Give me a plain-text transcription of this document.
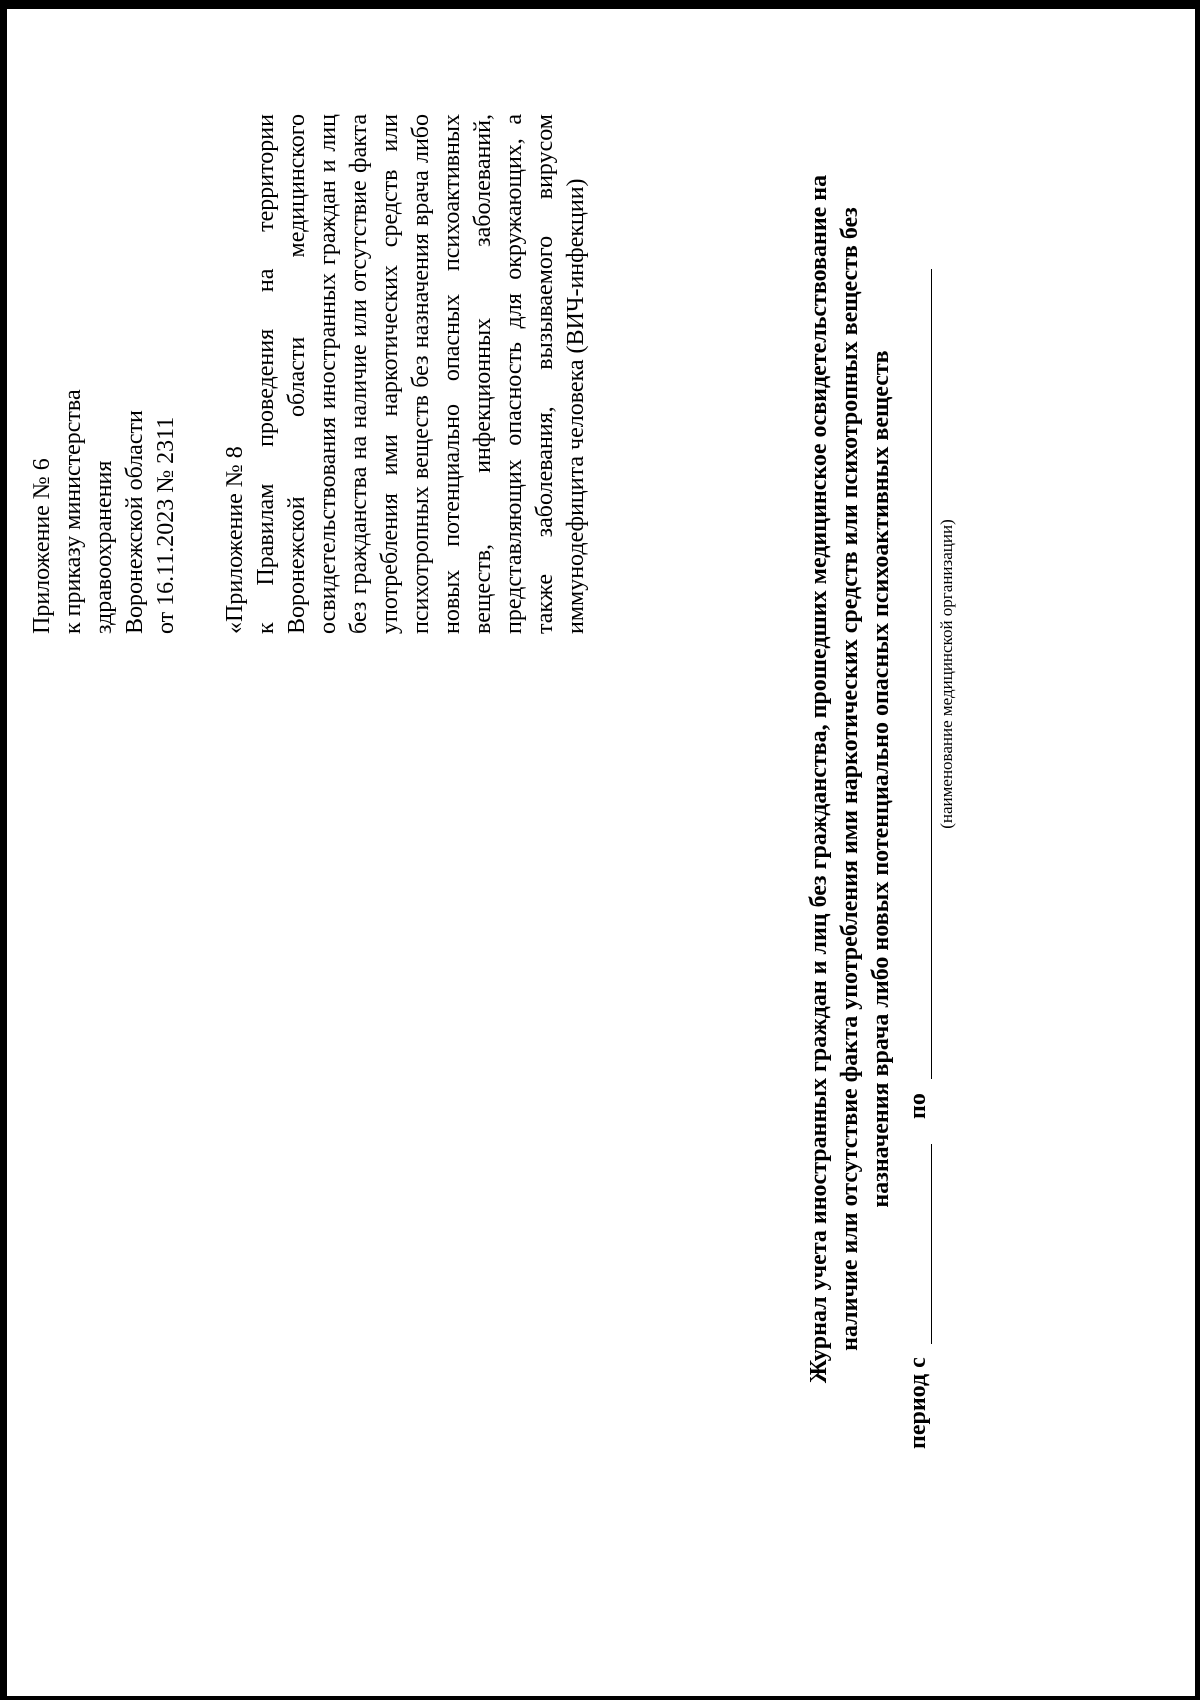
Приложение № 6 к приказу министерства здравоохранения Воронежской области от 16.11.2023 № 2311 «Приложение № 8 к Правилам проведения на территории Воронежской области медицинского освидетельствования иностранных граждан и лиц без гражданства на наличие или отсутствие факта употребления ими наркотических средств или психотропных веществ без назначения врача либо новых потенциально опасных психоактивных веществ, инфекционных заболеваний, представляющих опасность для окружающих, а также заболевания, вызываемого вирусом иммунодефицита человека (ВИЧ-инфекции)	Журнал учета иностранных граждан и лиц без гражданства, прошедших медицинское освидетельствование на наличие или отсутствие факта употребления ими наркотических средств или психотропных веществ без назначения врача либо новых потенциально опасных психоактивных веществ

период с
по
(наименование медицинской организации)
